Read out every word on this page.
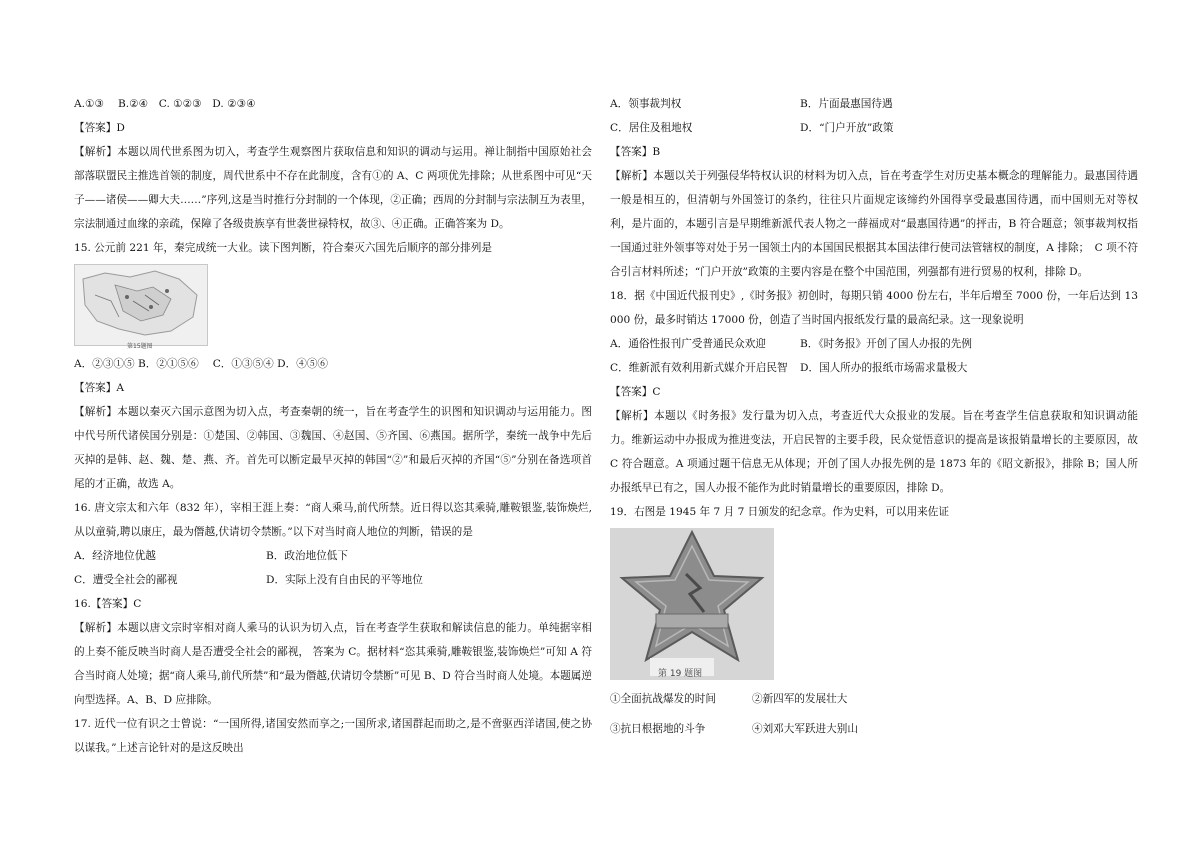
A.①③　 B.②④　C. ①②③　D. ②③④

【答案】D

【解析】本题以周代世系图为切入，考查学生观察图片获取信息和知识的调动与运用。禅让制指中国原始社会部落联盟民主推选首领的制度，周代世系中不存在此制度，含有①的 A、C 两项优先排除；从世系图中可见“天子——诸侯——卿大夫……”序列,这是当时推行分封制的一个体现，②正确；西周的分封制与宗法制互为表里，宗法制通过血缘的亲疏，保障了各级贵族享有世袭世禄特权，故③、④正确。正确答案为 D。

15. 公元前 221 年，秦完成统一大业。读下图判断，符合秦灭六国先后顺序的部分排列是

第15题图

A．②③①⑤ B．②①⑤⑥　 C．①③⑤④ D．④⑤⑥

【答案】A

【解析】本题以秦灭六国示意图为切入点，考查秦朝的统一，旨在考查学生的识图和知识调动与运用能力。图中代号所代诸侯国分别是：①楚国、②韩国、③魏国、④赵国、⑤齐国、⑥燕国。据所学，秦统一战争中先后灭掉的是韩、赵、魏、楚、燕、齐。首先可以断定最早灭掉的韩国“②”和最后灭掉的齐国“⑤”分别在备选项首尾的才正确，故选 A。

16. 唐文宗太和六年（832 年），宰相王涯上奏：“商人乘马,前代所禁。近日得以恣其乘骑,雕鞍银鉴,装饰焕烂,从以童骑,聘以康庄，最为僭越,伏请切令禁断。”以下对当时商人地位的判断，错误的是

A．经济地位优越	B．政治地位低下
C．遭受全社会的鄙视	D．实际上没有自由民的平等地位

16.【答案】C

【解析】本题以唐文宗时宰相对商人乘马的认识为切入点，旨在考查学生获取和解读信息的能力。单纯据宰相的上奏不能反映当时商人是否遭受全社会的鄙视， 答案为 C。据材料“恣其乘骑,雕鞍银鉴,装饰焕烂”可知 A 符合当时商人处境；据“商人乘马,前代所禁”和“最为僭越,伏请切令禁断”可见 B、D 符合当时商人处境。本题属逆向型选择。A、B、D 应排除。

17. 近代一位有识之士曾说：“一国所得,诸国安然而享之;一国所求,诸国群起而助之,是不啻驱西洋诸国,使之协以谋我。”上述言论针对的是这反映出

A．领事裁判权	B．片面最惠国待遇
C．居住及租地权	D．“门户开放”政策

【答案】B

【解析】本题以关于列强侵华特权认识的材料为切入点，旨在考查学生对历史基本概念的理解能力。最惠国待遇一般是相互的，但清朝与外国签订的条约，往往只片面规定该缔约外国得享受最惠国待遇，而中国则无对等权利，是片面的，本题引言是早期维新派代表人物之一薛福成对“最惠国待遇”的抨击，B 符合题意；领事裁判权指一国通过驻外领事等对处于另一国领土内的本国国民根据其本国法律行使司法管辖权的制度，A 排除；　C 项不符合引言材料所述；“门户开放”政策的主要内容是在整个中国范围，列强都有进行贸易的权利，排除 D。

18．据《中国近代报刊史》,《时务报》初创时，每期只销 4000 份左右，半年后增至 7000 份，一年后达到 13000 份，最多时销达 17000 份，创造了当时国内报纸发行量的最高纪录。这一现象说明

A．通俗性报刊广受普通民众欢迎	B．《时务报》开创了国人办报的先例
C．维新派有效利用新式媒介开启民智	D．国人所办的报纸市场需求量极大

【答案】C

【解析】本题以《时务报》发行量为切入点，考查近代大众报业的发展。旨在考查学生信息获取和知识调动能力。维新运动中办报成为推进变法，开启民智的主要手段，民众觉悟意识的提高是该报销量增长的主要原因，故 C 符合题意。A 项通过题干信息无从体现；开创了国人办报先例的是 1873 年的《昭文新报》，排除 B；国人所办报纸早已有之，国人办报不能作为此时销量增长的重要原因，排除 D。

19．右图是 1945 年 7 月 7 日颁发的纪念章。作为史料，可以用来佐证

第 19 题图
①全面抗战爆发的时间	②新四军的发展壮大
③抗日根据地的斗争	④刘邓大军跃进大别山
